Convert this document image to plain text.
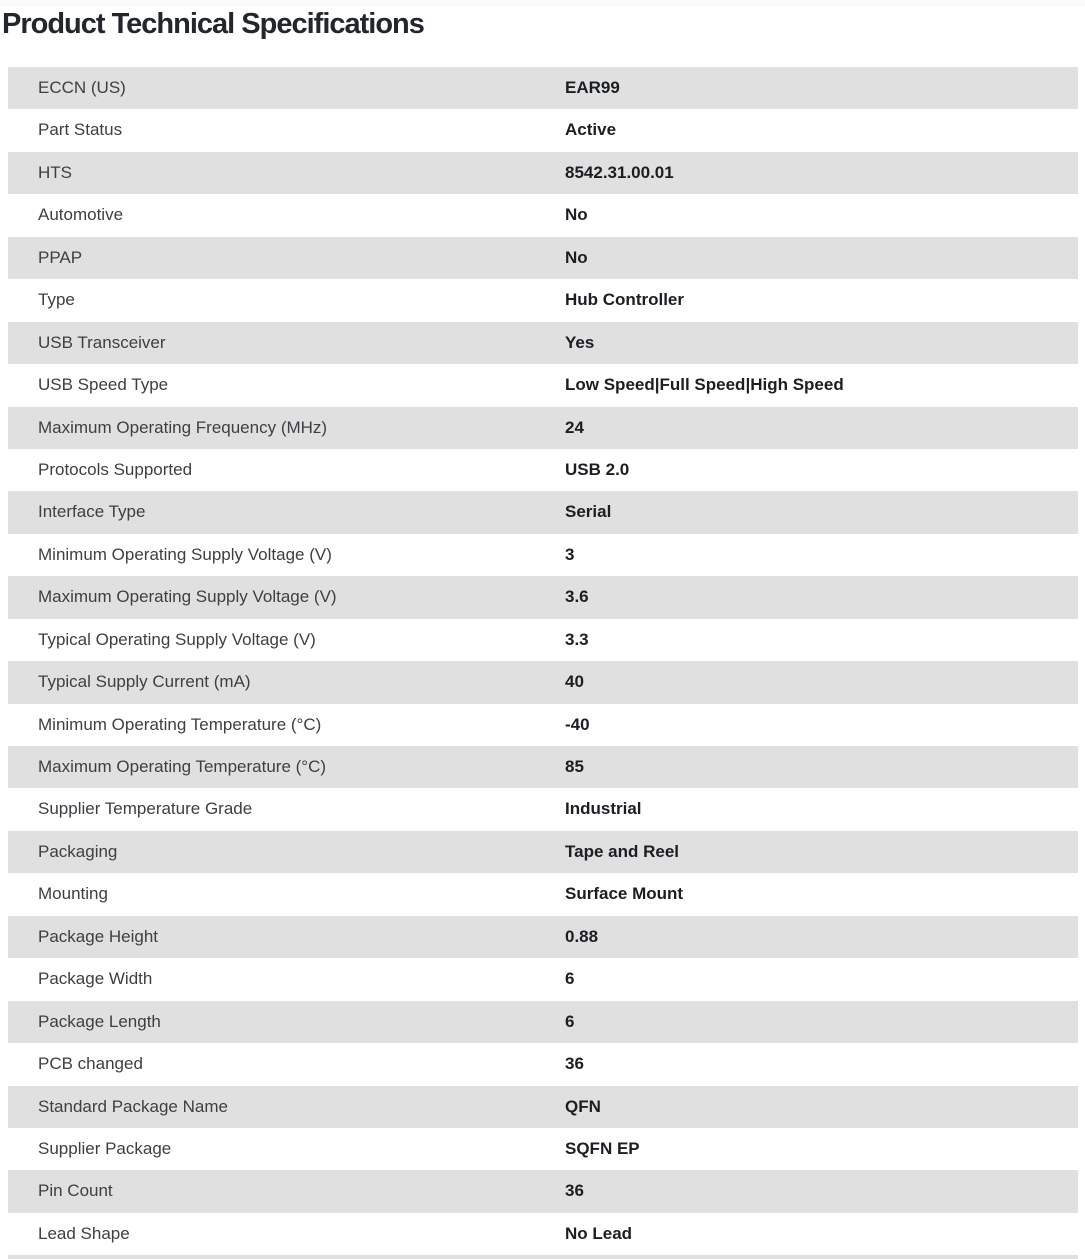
Product Technical Specifications
ECCN (US)	EAR99
Part Status	Active
HTS	8542.31.00.01
Automotive	No
PPAP	No
Type	Hub Controller
USB Transceiver	Yes
USB Speed Type	Low Speed|Full Speed|High Speed
Maximum Operating Frequency (MHz)	24
Protocols Supported	USB 2.0
Interface Type	Serial
Minimum Operating Supply Voltage (V)	3
Maximum Operating Supply Voltage (V)	3.6
Typical Operating Supply Voltage (V)	3.3
Typical Supply Current (mA)	40
Minimum Operating Temperature (°C)	-40
Maximum Operating Temperature (°C)	85
Supplier Temperature Grade	Industrial
Packaging	Tape and Reel
Mounting	Surface Mount
Package Height	0.88
Package Width	6
Package Length	6
PCB changed	36
Standard Package Name	QFN
Supplier Package	SQFN EP
Pin Count	36
Lead Shape	No Lead
